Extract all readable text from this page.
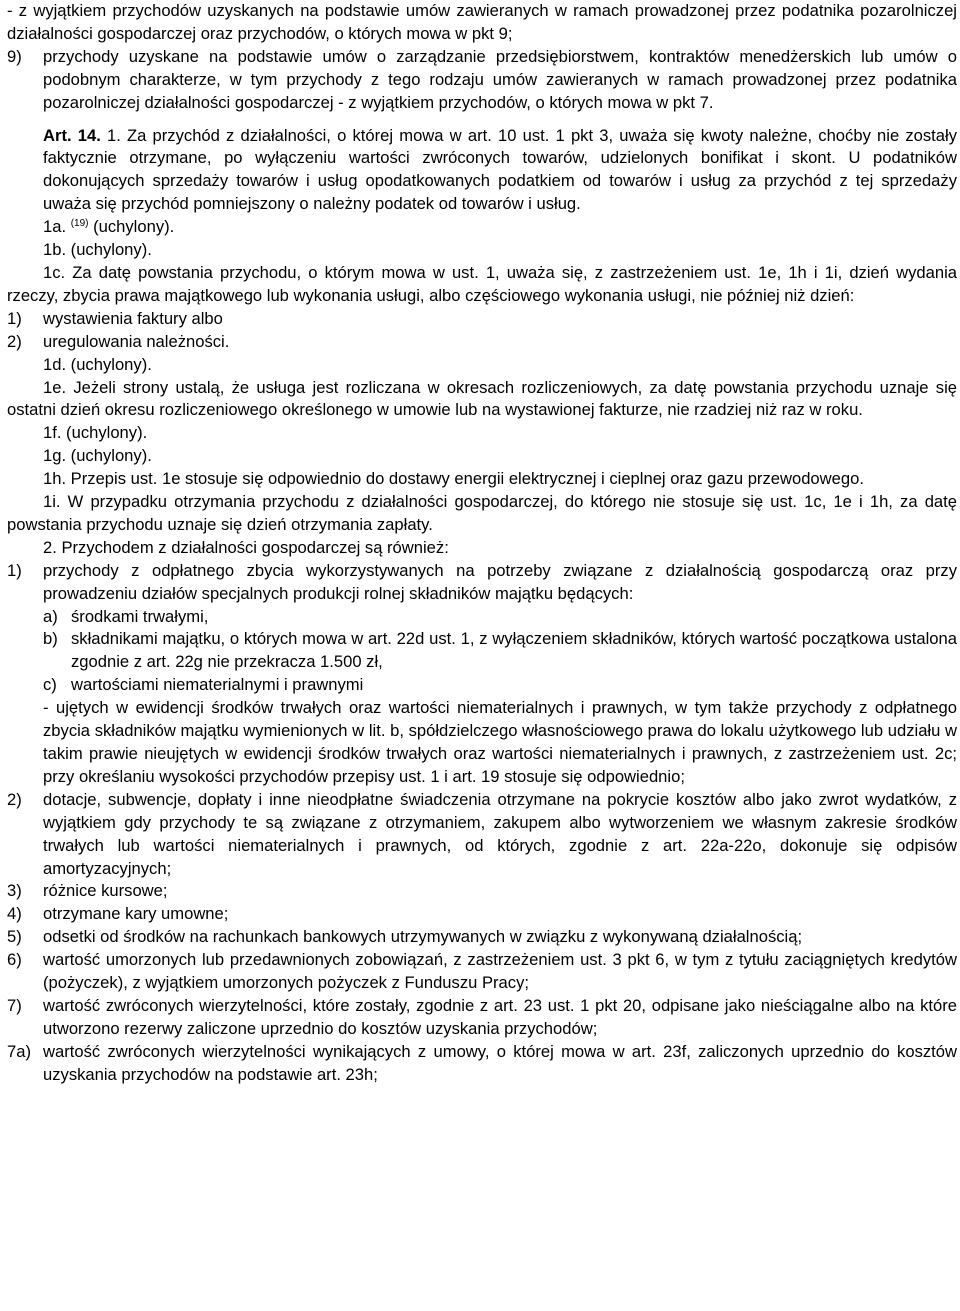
- z wyjątkiem przychodów uzyskanych na podstawie umów zawieranych w ramach prowadzonej przez podatnika pozarolniczej działalności gospodarczej oraz przychodów, o których mowa w pkt 9;
9)	przychody uzyskane na podstawie umów o zarządzanie przedsiębiorstwem, kontraktów menedżerskich lub umów o podobnym charakterze, w tym przychody z tego rodzaju umów zawieranych w ramach prowadzonej przez podatnika pozarolniczej działalności gospodarczej - z wyjątkiem przychodów, o których mowa w pkt 7.
Art. 14. 1. Za przychód z działalności, o której mowa w art. 10 ust. 1 pkt 3, uważa się kwoty należne, choćby nie zostały faktycznie otrzymane, po wyłączeniu wartości zwróconych towarów, udzielonych bonifikat i skont. U podatników dokonujących sprzedaży towarów i usług opodatkowanych podatkiem od towarów i usług za przychód z tej sprzedaży uważa się przychód pomniejszony o należny podatek od towarów i usług.
1a. $^{(19)}$ (uchylony).
1b. (uchylony).
1c. Za datę powstania przychodu, o którym mowa w ust. 1, uważa się, z zastrzeżeniem ust. 1e, 1h i 1i, dzień wydania rzeczy, zbycia prawa majątkowego lub wykonania usługi, albo częściowego wykonania usługi, nie później niż dzień:
1)	wystawienia faktury albo
2)	uregulowania należności.
1d. (uchylony).
1e. Jeżeli strony ustalą, że usługa jest rozliczana w okresach rozliczeniowych, za datę powstania przychodu uznaje się ostatni dzień okresu rozliczeniowego określonego w umowie lub na wystawionej fakturze, nie rzadziej niż raz w roku.
1f. (uchylony).
1g. (uchylony).
1h. Przepis ust. 1e stosuje się odpowiednio do dostawy energii elektrycznej i cieplnej oraz gazu przewodowego.
1i. W przypadku otrzymania przychodu z działalności gospodarczej, do którego nie stosuje się ust. 1c, 1e i 1h, za datę powstania przychodu uznaje się dzień otrzymania zapłaty.
2. Przychodem z działalności gospodarczej są również:
1)	przychody z odpłatnego zbycia wykorzystywanych na potrzeby związane z działalnością gospodarczą oraz przy prowadzeniu działów specjalnych produkcji rolnej składników majątku będących:
a) środkami trwałymi,
b) składnikami majątku, o których mowa w art. 22d ust. 1, z wyłączeniem składników, których wartość początkowa ustalona zgodnie z art. 22g nie przekracza 1.500 zł,
c) wartościami niematerialnymi i prawnymi
- ujętych w ewidencji środków trwałych oraz wartości niematerialnych i prawnych, w tym także przychody z odpłatnego zbycia składników majątku wymienionych w lit. b, spółdzielczego własnościowego prawa do lokalu użytkowego lub udziału w takim prawie nieujętych w ewidencji środków trwałych oraz wartości niematerialnych i prawnych, z zastrzeżeniem ust. 2c; przy określaniu wysokości przychodów przepisy ust. 1 i art. 19 stosuje się odpowiednio;
2)	dotacje, subwencje, dopłaty i inne nieodpłatne świadczenia otrzymane na pokrycie kosztów albo jako zwrot wydatków, z wyjątkiem gdy przychody te są związane z otrzymaniem, zakupem albo wytworzeniem we własnym zakresie środków trwałych lub wartości niematerialnych i prawnych, od których, zgodnie z art. 22a-22o, dokonuje się odpisów amortyzacyjnych;
3)	różnice kursowe;
4)	otrzymane kary umowne;
5)	odsetki od środków na rachunkach bankowych utrzymywanych w związku z wykonywaną działalnością;
6)	wartość umorzonych lub przedawnionych zobowiązań, z zastrzeżeniem ust. 3 pkt 6, w tym z tytułu zaciągniętych kredytów (pożyczek), z wyjątkiem umorzonych pożyczek z Funduszu Pracy;
7)	wartość zwróconych wierzytelności, które zostały, zgodnie z art. 23 ust. 1 pkt 20, odpisane jako nieściągalne albo na które utworzono rezerwy zaliczone uprzednio do kosztów uzyskania przychodów;
7a) wartość zwróconych wierzytelności wynikających z umowy, o której mowa w art. 23f, zaliczonych uprzednio do kosztów uzyskania przychodów na podstawie art. 23h;
